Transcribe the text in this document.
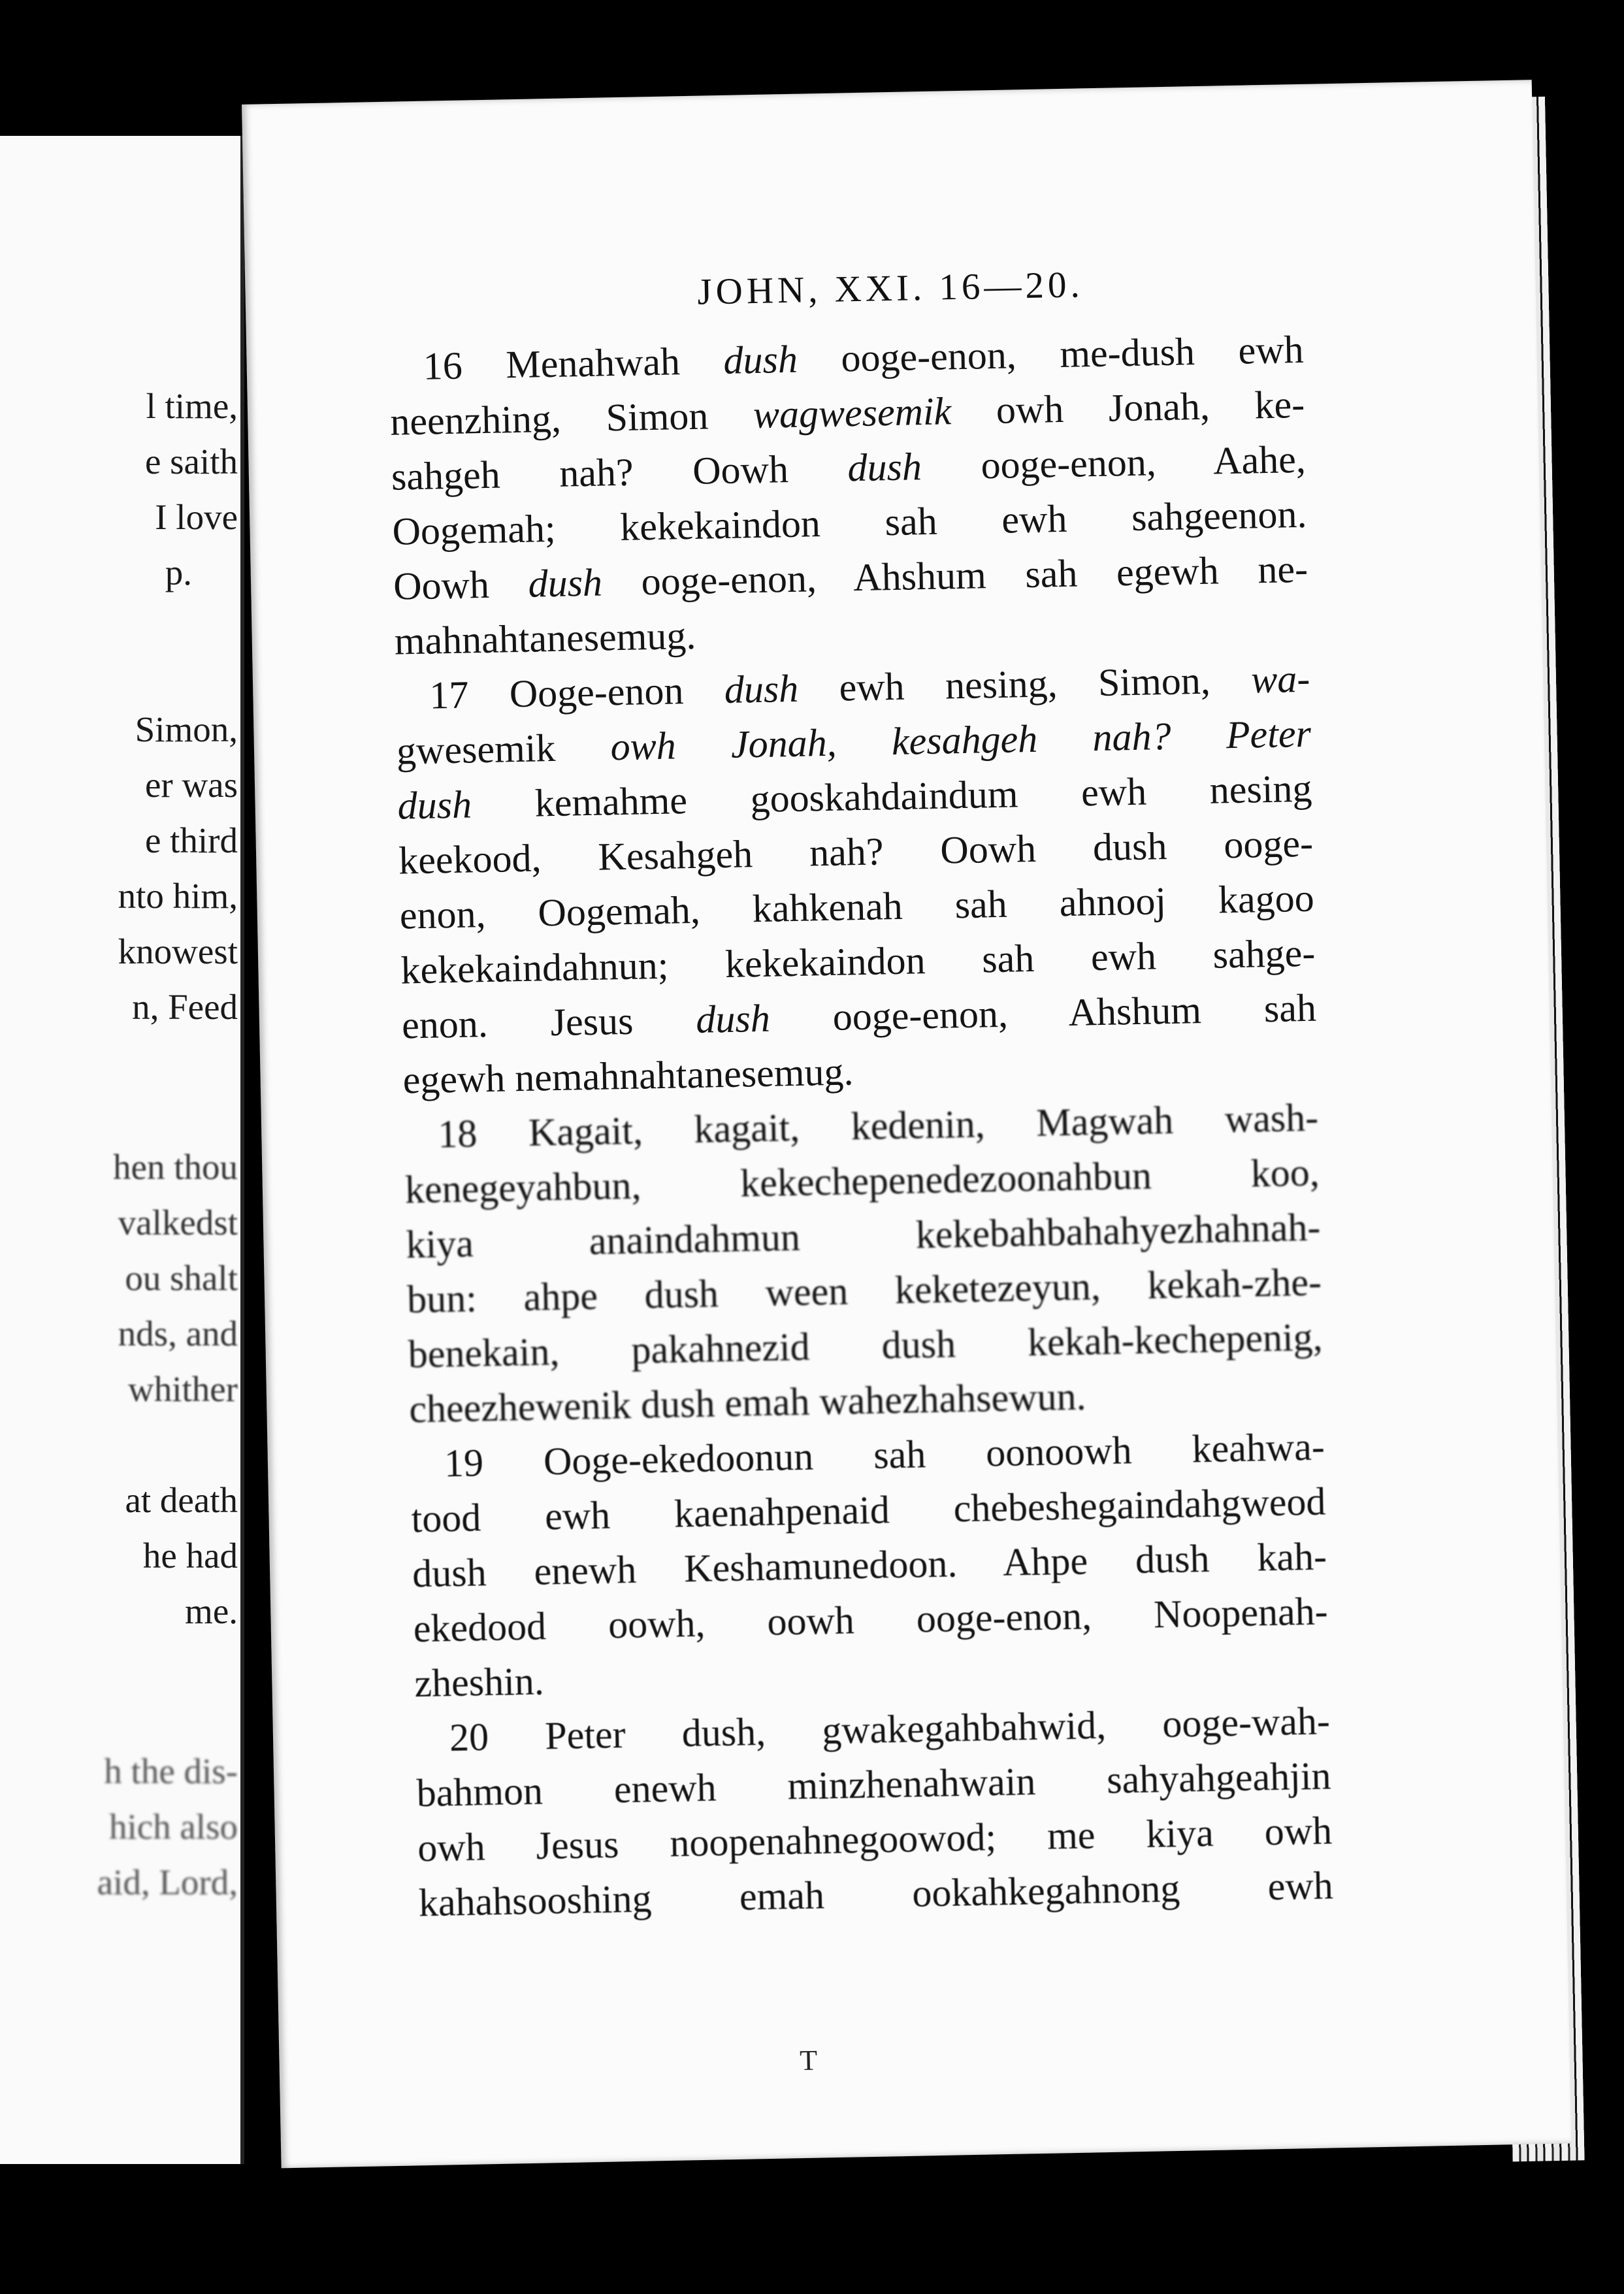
l time,
e saith
I love
p.
Simon,
er was
e third
nto him,
knowest
n, Feed
hen thou
valkedst
ou shalt
nds, and
whither
at death
he had
me.
h the dis-
hich also
aid, Lord,
JOHN, XXI. 16—20.
16 Menahwah dush ooge-enon, me-dush ewh
neenzhing, Simon wagwesemik owh Jonah, ke-
sahgeh nah? Oowh dush ooge-enon, Aahe,
Oogemah; kekekaindon sah ewh sahgeenon.
Oowh dush ooge-enon, Ahshum sah egewh ne-
mahnahtanesemug.
17 Ooge-enon dush ewh nesing, Simon, wa-
gwesemik owh Jonah, kesahgeh nah? Peter
dush kemahme gooskahdaindum ewh nesing
keekood, Kesahgeh nah? Oowh dush ooge-
enon, Oogemah, kahkenah sah ahnooj kagoo
kekekaindahnun; kekekaindon sah ewh sahge-
enon. Jesus dush ooge-enon, Ahshum sah
egewh nemahnahtanesemug.
18 Kagait, kagait, kedenin, Magwah wash-
kenegeyahbun, kekechepenedezoonahbun koo,
kiya anaindahmun kekebahbahahyezhahnah-
bun: ahpe dush ween keketezeyun, kekah-zhe-
benekain, pakahnezid dush kekah-kechepenig,
cheezhewenik dush emah wahezhahsewun.
19 Ooge-ekedoonun sah oonoowh keahwa-
tood ewh kaenahpenaid chebeshegaindahgweod
dush enewh Keshamunedoon. Ahpe dush kah-
ekedood oowh, oowh ooge-enon, Noopenah-
zheshin.
20 Peter dush, gwakegahbahwid, ooge-wah-
bahmon enewh minzhenahwain sahyahgeahjin
owh Jesus noopenahnegoowod; me kiya owh
kahahsooshing emah ookahkegahnong ewh
T
